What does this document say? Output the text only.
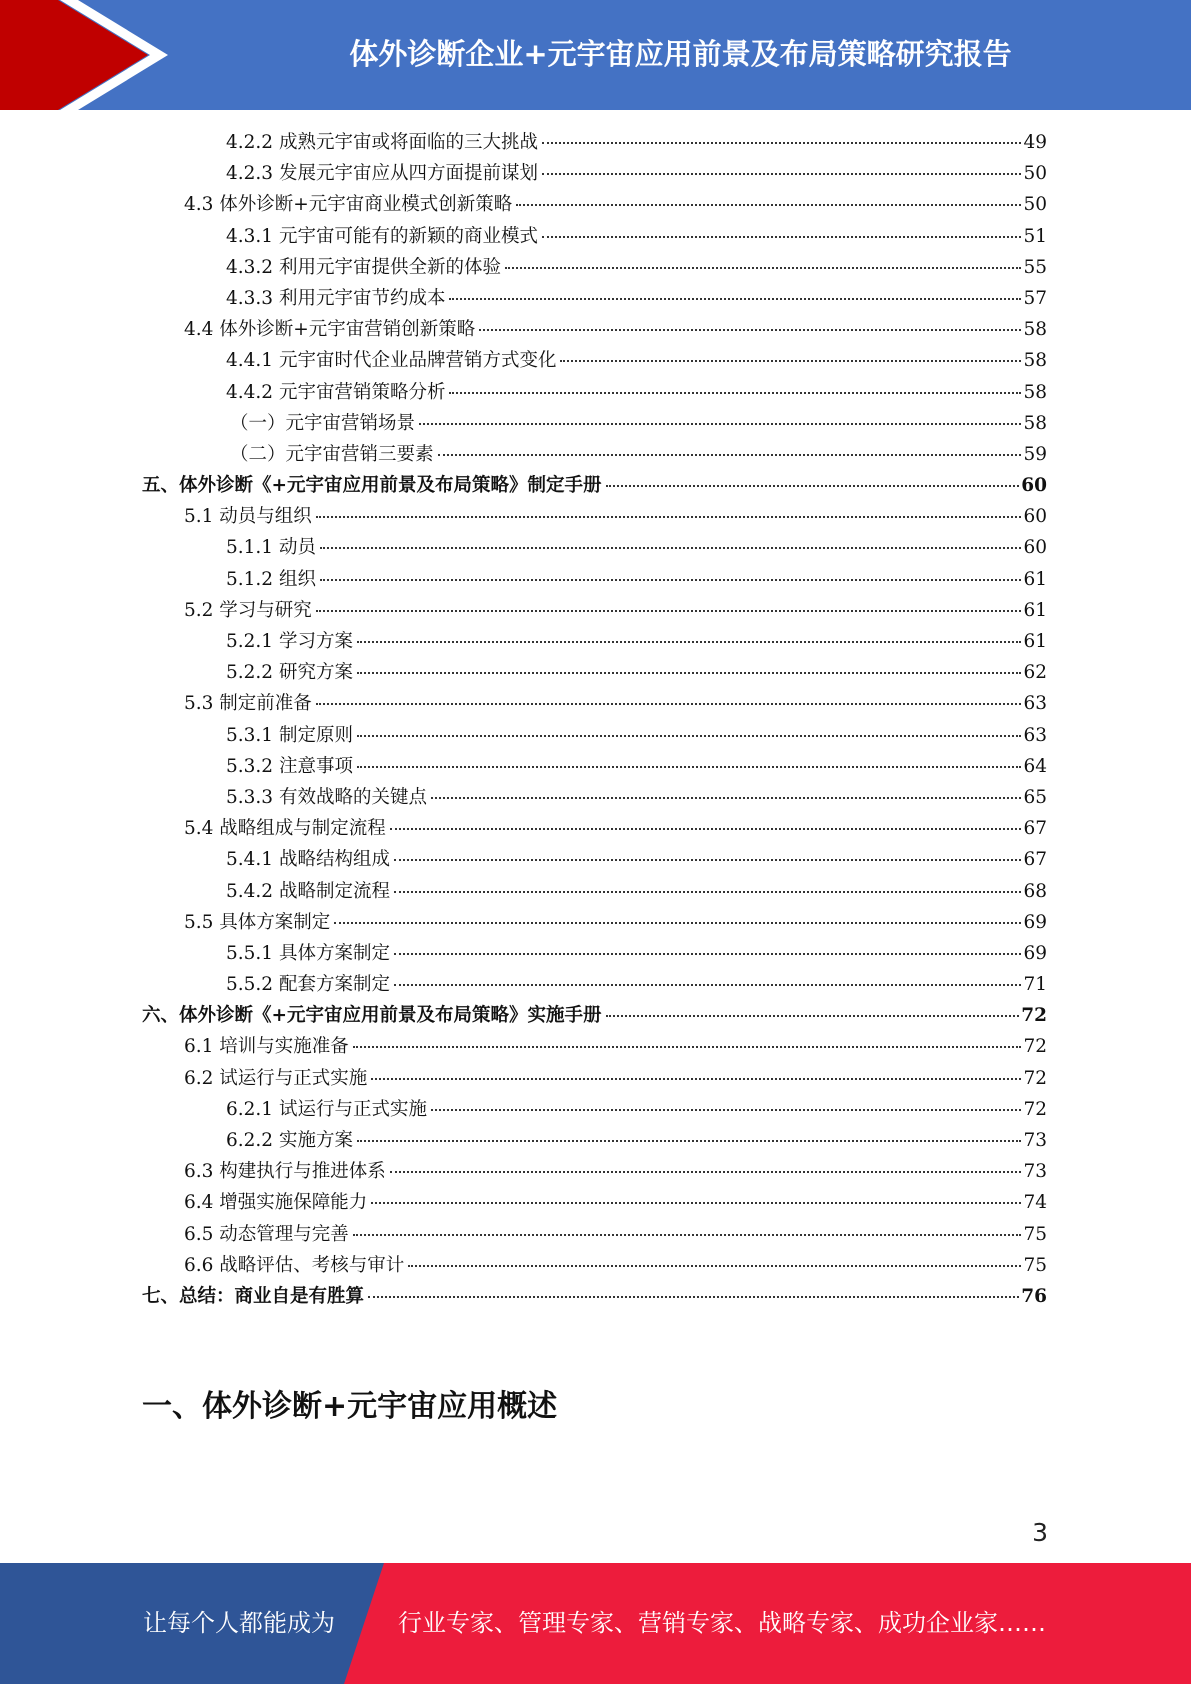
体外诊断企业+元宇宙应用前景及布局策略研究报告
4.2.2 成熟元宇宙或将面临的三大挑战	49
4.2.3 发展元宇宙应从四方面提前谋划	50
4.3 体外诊断+元宇宙商业模式创新策略	50
4.3.1 元宇宙可能有的新颖的商业模式	51
4.3.2 利用元宇宙提供全新的体验	55
4.3.3 利用元宇宙节约成本	57
4.4 体外诊断+元宇宙营销创新策略	58
4.4.1 元宇宙时代企业品牌营销方式变化	58
4.4.2 元宇宙营销策略分析	58
（一）元宇宙营销场景	58
（二）元宇宙营销三要素	59
五、体外诊断《+元宇宙应用前景及布局策略》制定手册	60
5.1 动员与组织	60
5.1.1 动员	60
5.1.2 组织	61
5.2 学习与研究	61
5.2.1 学习方案	61
5.2.2 研究方案	62
5.3 制定前准备	63
5.3.1 制定原则	63
5.3.2 注意事项	64
5.3.3 有效战略的关键点	65
5.4 战略组成与制定流程	67
5.4.1 战略结构组成	67
5.4.2 战略制定流程	68
5.5 具体方案制定	69
5.5.1 具体方案制定	69
5.5.2 配套方案制定	71
六、体外诊断《+元宇宙应用前景及布局策略》实施手册	72
6.1 培训与实施准备	72
6.2 试运行与正式实施	72
6.2.1 试运行与正式实施	72
6.2.2 实施方案	73
6.3 构建执行与推进体系	73
6.4 增强实施保障能力	74
6.5 动态管理与完善	75
6.6 战略评估、考核与审计	75
七、总结：商业自是有胜算	76
一、体外诊断+元宇宙应用概述
3
让每个人都能成为	行业专家、管理专家、营销专家、战略专家、成功企业家……
